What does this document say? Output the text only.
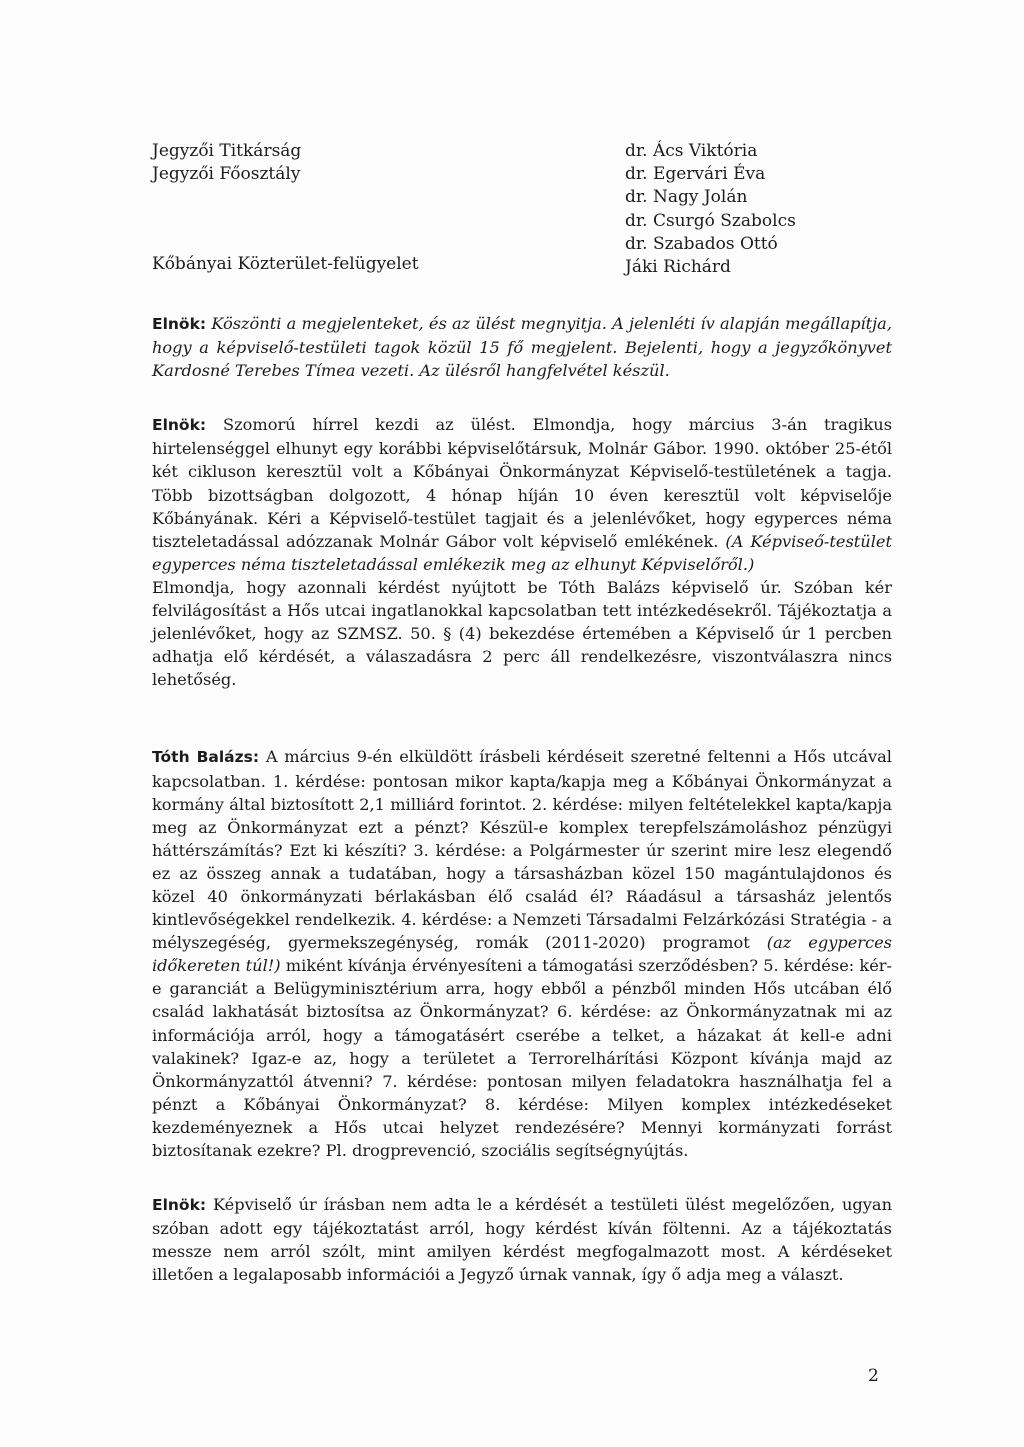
Jegyzői Titkárság
Jegyzői Főosztály
Kőbányai Közterület-felügyelet
dr. Ács Viktória
dr. Egervári Éva
dr. Nagy Jolán
dr. Csurgó Szabolcs
dr. Szabados Ottó
Jáki Richárd

Elnök: Köszönti a megjelenteket, és az ülést megnyitja. A jelenléti ív alapján megállapítja, hogy a képviselő-testületi tagok közül 15 fő megjelent. Bejelenti, hogy a jegyzőkönyvet Kardosné Terebes Tímea vezeti. Az ülésről hangfelvétel készül.

Elnök: Szomorú hírrel kezdi az ülést. Elmondja, hogy március 3-án tragikus hirtelenséggel elhunyt egy korábbi képviselőtársuk, Molnár Gábor. 1990. október 25-étől két cikluson keresztül volt a Kőbányai Önkormányzat Képviselő-testületének a tagja. Több bizottságban dolgozott, 4 hónap híján 10 éven keresztül volt képviselője Kőbányának. Kéri a Képviselő-testület tagjait és a jelenlévőket, hogy egyperces néma tiszteletadással adózzanak Molnár Gábor volt képviselő emlékének. (A Képviseő-testület egyperces néma tiszteletadással emlékezik meg az elhunyt Képviselőről.)
Elmondja, hogy azonnali kérdést nyújtott be Tóth Balázs képviselő úr. Szóban kér felvilágosítást a Hős utcai ingatlanokkal kapcsolatban tett intézkedésekről. Tájékoztatja a jelenlévőket, hogy az SZMSZ. 50. § (4) bekezdése értemében a Képviselő úr 1 percben adhatja elő kérdését, a válaszadásra 2 perc áll rendelkezésre, viszontválaszra nincs lehetőség.

Tóth Balázs: A március 9-én elküldött írásbeli kérdéseit szeretné feltenni a Hős utcával kapcsolatban. 1. kérdése: pontosan mikor kapta/kapja meg a Kőbányai Önkormányzat a kormány által biztosított 2,1 milliárd forintot. 2. kérdése: milyen feltételekkel kapta/kapja meg az Önkormányzat ezt a pénzt? Készül-e komplex terepfelszámoláshoz pénzügyi háttérszámítás? Ezt ki készíti? 3. kérdése: a Polgármester úr szerint mire lesz elegendő ez az összeg annak a tudatában, hogy a társasházban közel 150 magántulajdonos és közel 40 önkormányzati bérlakásban élő család él? Ráadásul a társasház jelentős kintlevőségekkel rendelkezik. 4. kérdése: a Nemzeti Társadalmi Felzárkózási Stratégia - a mélyszegéség, gyermekszegénység, romák (2011-2020) programot (az egyperces időkereten túl!) miként kívánja érvényesíteni a támogatási szerződésben? 5. kérdése: kér-e garanciát a Belügyminisztérium arra, hogy ebből a pénzből minden Hős utcában élő család lakhatását biztosítsa az Önkormányzat? 6. kérdése: az Önkormányzatnak mi az információja arról, hogy a támogatásért cserébe a telket, a házakat át kell-e adni valakinek? Igaz-e az, hogy a területet a Terrorelhárítási Központ kívánja majd az Önkormányzattól átvenni? 7. kérdése: pontosan milyen feladatokra használhatja fel a pénzt a Kőbányai Önkormányzat? 8. kérdése: Milyen komplex intézkedéseket kezdeményeznek a Hős utcai helyzet rendezésére? Mennyi kormányzati forrást biztosítanak ezekre? Pl. drogprevenció, szociális segítségnyújtás.

Elnök: Képviselő úr írásban nem adta le a kérdését a testületi ülést megelőzően, ugyan szóban adott egy tájékoztatást arról, hogy kérdést kíván föltenni. Az a tájékoztatás messze nem arról szólt, mint amilyen kérdést megfogalmazott most. A kérdéseket illetően a legalaposabb információi a Jegyző úrnak vannak, így ő adja meg a választ.

2
